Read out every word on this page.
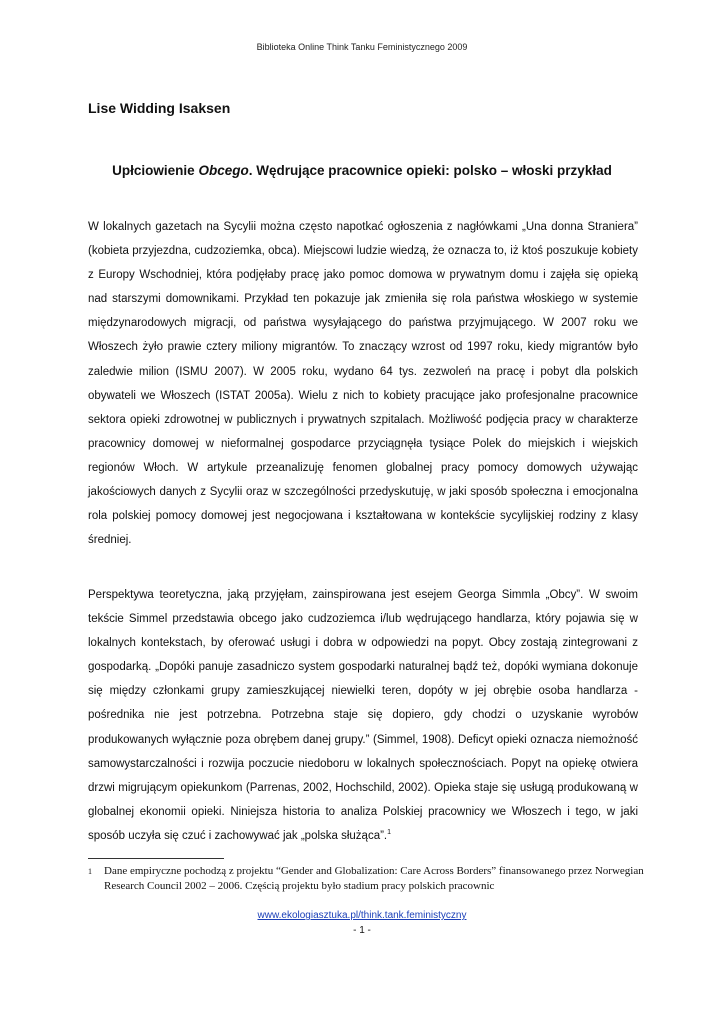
Biblioteka Online Think Tanku Feministycznego 2009
Lise Widding Isaksen
Upłciowienie Obcego. Wędrujące pracownice opieki: polsko – włoski przykład
W lokalnych gazetach na Sycylii można często napotkać ogłoszenia z nagłówkami „Una donna Straniera” (kobieta przyjezdna, cudzoziemka, obca). Miejscowi ludzie wiedzą, że oznacza to, iż ktoś poszukuje kobiety z Europy Wschodniej, która podjęłaby pracę jako pomoc domowa w prywatnym domu i zajęła się opieką nad starszymi domownikami. Przykład ten pokazuje jak zmieniła się rola państwa włoskiego w systemie międzynarodowych migracji, od państwa wysyłającego do państwa przyjmującego. W 2007 roku we Włoszech żyło prawie cztery miliony migrantów. To znaczący wzrost od 1997 roku, kiedy migrantów było zaledwie milion (ISMU 2007). W 2005 roku, wydano 64 tys. zezwoleń na pracę i pobyt dla polskich obywateli we Włoszech (ISTAT 2005a). Wielu z nich to kobiety pracujące jako profesjonalne pracownice sektora opieki zdrowotnej w publicznych i prywatnych szpitalach. Możliwość podjęcia pracy w charakterze pracownicy domowej w nieformalnej gospodarce przyciągnęła tysiące Polek do miejskich i wiejskich regionów Włoch. W artykule przeanalizuję fenomen globalnej pracy pomocy domowych używając jakościowych danych z Sycylii oraz w szczególności przedyskutuję, w jaki sposób społeczna i emocjonalna rola polskiej pomocy domowej jest negocjowana i kształtowana w kontekście sycylijskiej rodziny z klasy średniej.
Perspektywa teoretyczna, jaką przyjęłam, zainspirowana jest esejem Georga Simmla „Obcy”. W swoim tekście Simmel przedstawia obcego jako cudzoziemca i/lub wędrującego handlarza, który pojawia się w lokalnych kontekstach, by oferować usługi i dobra w odpowiedzi na popyt. Obcy zostają zintegrowani z gospodarką. „Dopóki panuje zasadniczo system gospodarki naturalnej bądź też, dopóki wymiana dokonuje się między członkami grupy zamieszkującej niewielki teren, dopóty w jej obrębie osoba handlarza - pośrednika nie jest potrzebna. Potrzebna staje się dopiero, gdy chodzi o uzyskanie wyrobów produkowanych wyłącznie poza obrębem danej grupy.” (Simmel, 1908). Deficyt opieki oznacza niemożność samowystarczalności i rozwija poczucie niedoboru w lokalnych społecznościach. Popyt na opiekę otwiera drzwi migrującym opiekunkom (Parrenas, 2002, Hochschild, 2002). Opieka staje się usługą produkowaną w globalnej ekonomii opieki. Niniejsza historia to analiza Polskiej pracownicy we Włoszech i tego, w jaki sposób uczyła się czuć i zachowywać jak „polska służąca”.$^1$
1	Dane empiryczne pochodzą z projektu “Gender and Globalization: Care Across Borders” finansowanego przez Norwegian Research Council 2002 – 2006. Częścią projektu było stadium pracy polskich pracownic
www.ekologiasztuka.pl/think.tank.feministyczny
- 1 -
